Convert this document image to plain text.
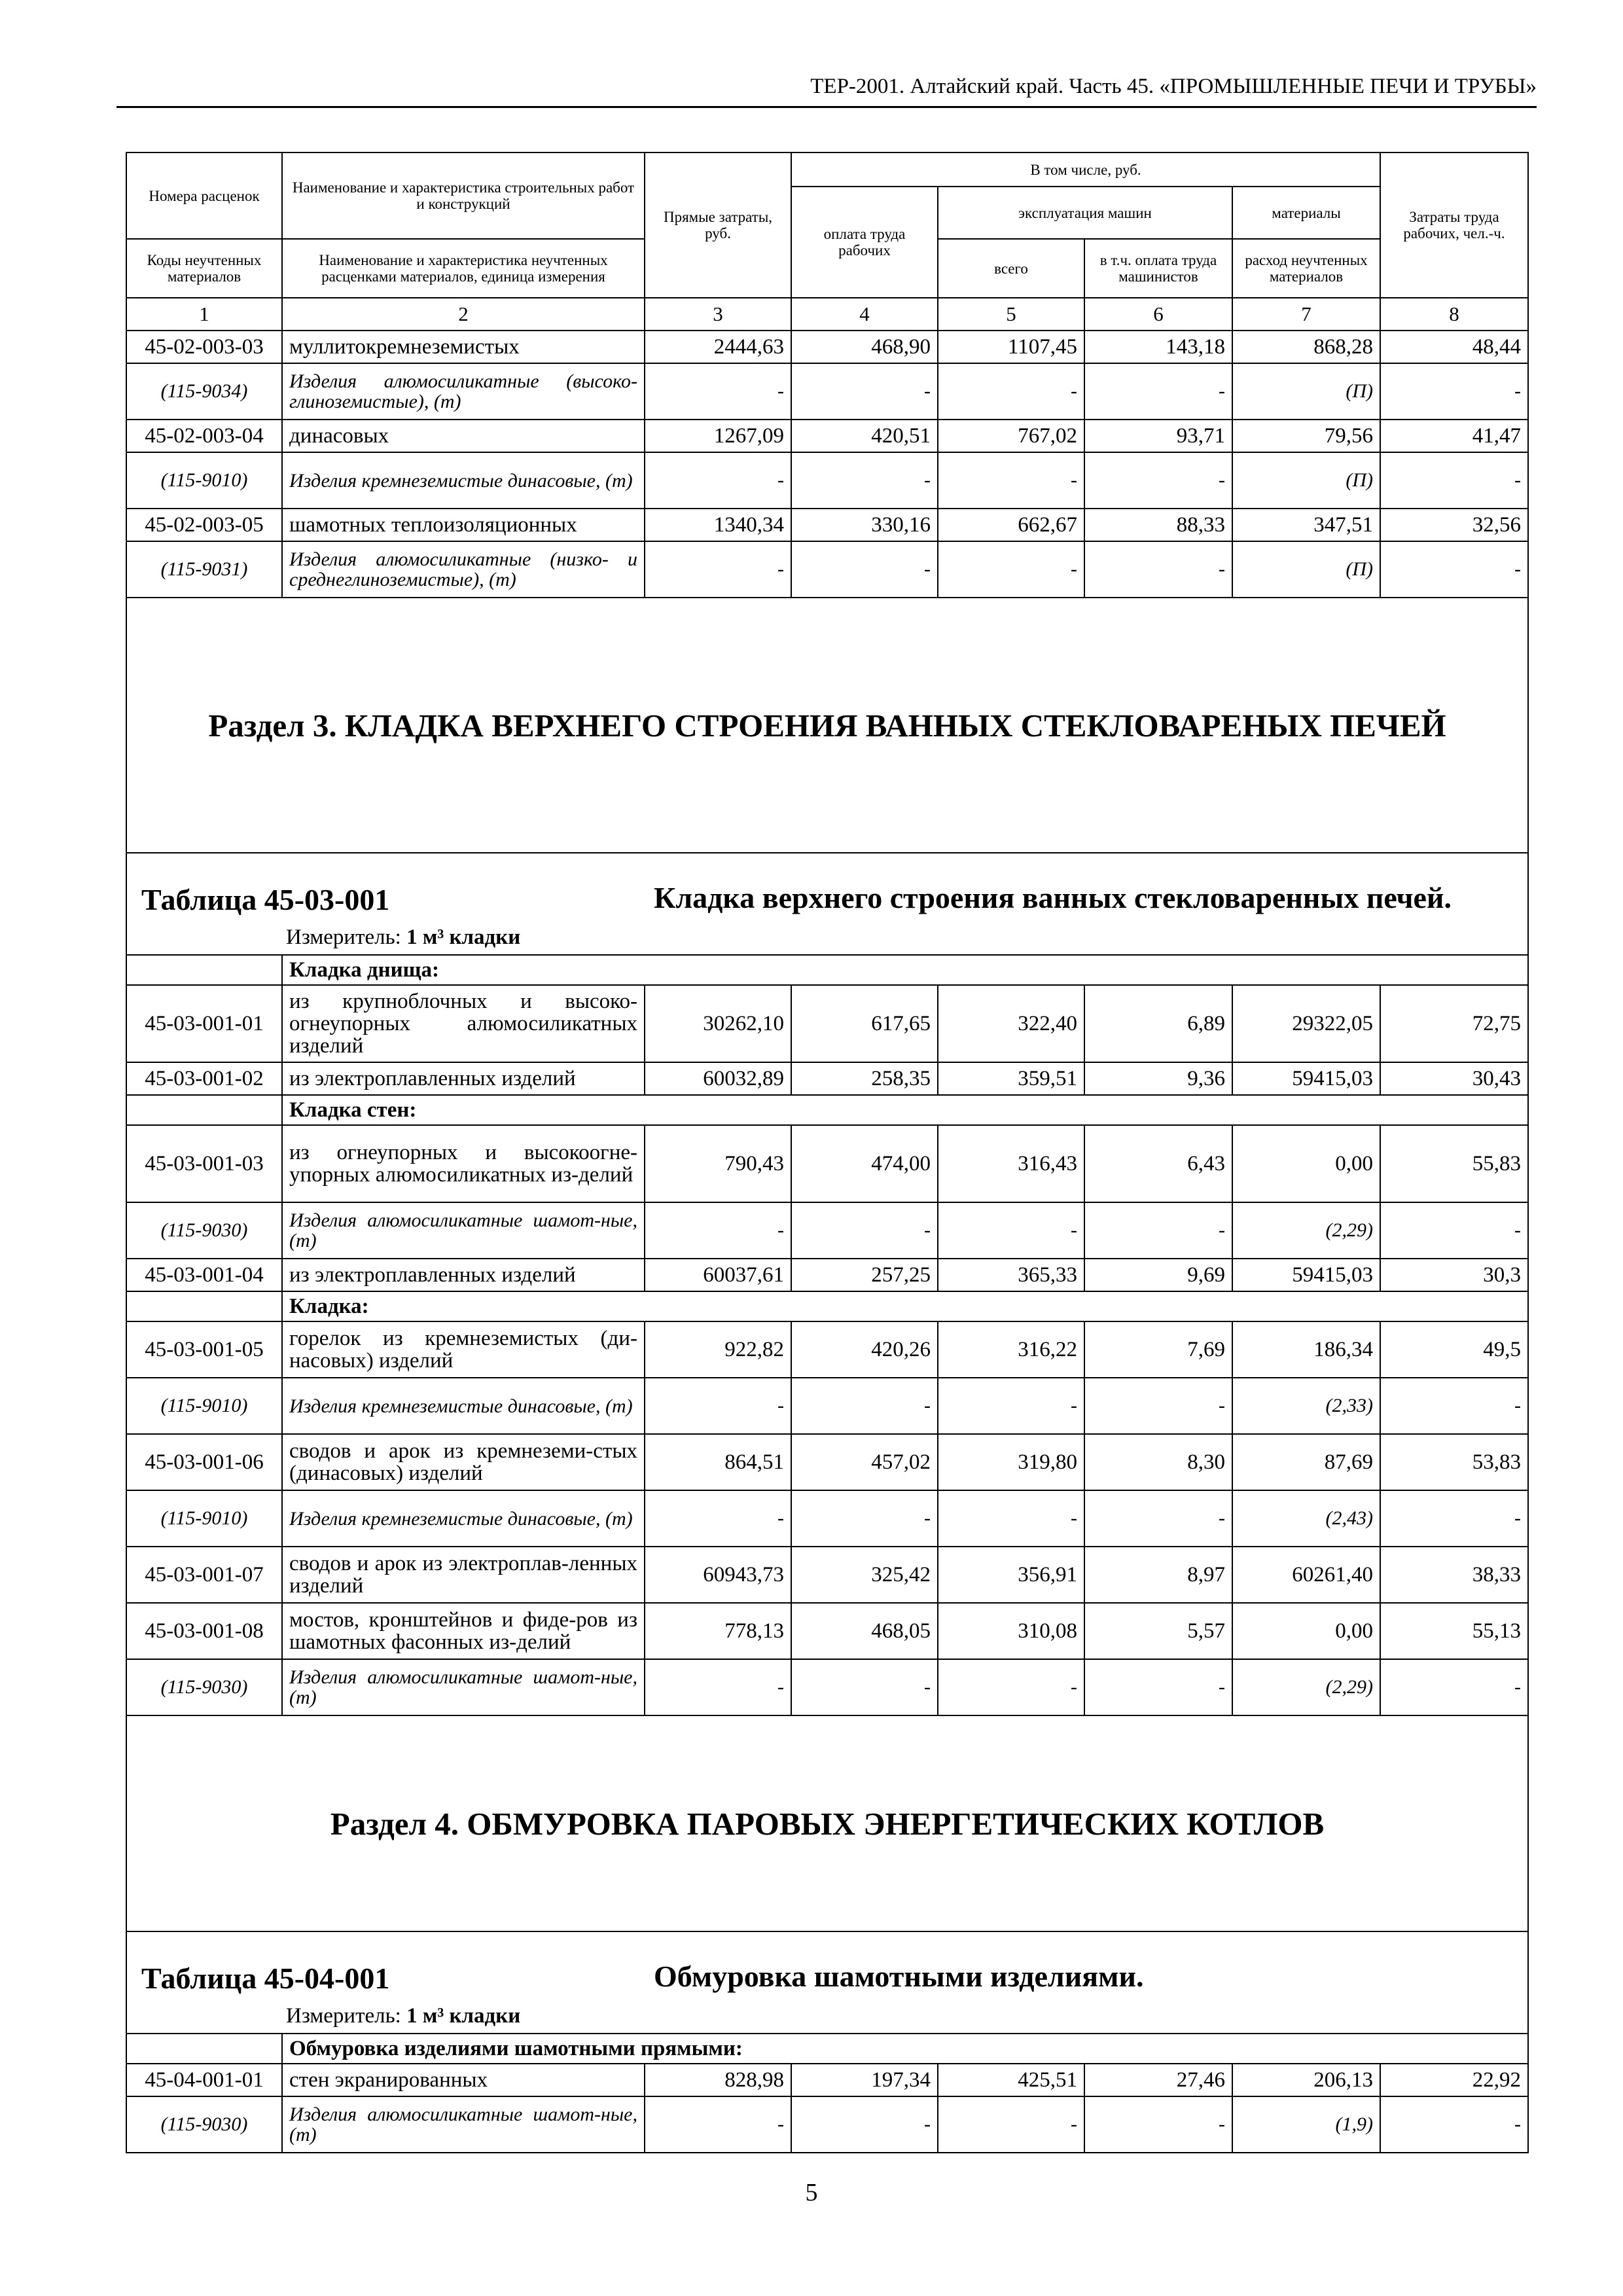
ТЕР-2001. Алтайский край. Часть 45. «ПРОМЫШЛЕННЫЕ ПЕЧИ И ТРУБЫ»
Номера расценок	Наименование и характеристика строительных работ и конструкций	Прямые затраты, руб.	В том числе, руб.				Затраты труда рабочих, чел.-ч.
			оплата труда рабочих	эксплуатация машин		материалы	
Коды неучтенных материалов	Наименование и характеристика неучтенных расценками материалов, единица измерения			всего	в т.ч. оплата труда машинистов	расход неучтенных материалов	
1	2	3	4	5	6	7	8
45-02-003-03	муллитокремнеземистых	2444,63	468,90	1107,45	143,18	868,28	48,44
(115-9034)	Изделия алюмосиликатные (высоко-глиноземистые), (т)	-	-	-	-	(П)	-
45-02-003-04	динасовых	1267,09	420,51	767,02	93,71	79,56	41,47
(115-9010)	Изделия кремнеземистые динасовые, (т)	-	-	-	-	(П)	-
45-02-003-05	шамотных теплоизоляционных	1340,34	330,16	662,67	88,33	347,51	32,56
(115-9031)	Изделия алюмосиликатные (низко- и среднеглиноземистые), (т)	-	-	-	-	(П)	-
Раздел 3. КЛАДКА ВЕРХНЕГО СТРОЕНИЯ ВАННЫХ СТЕКЛОВАРЕНЫХ ПЕЧЕЙ							

Таблица 45-03-001 Кладка верхнего строения ванных стекловаренных печей.
Измеритель: 1 м³ кладки							

	Кладка днища:						
45-03-001-01	из крупноблочных и высоко-огнеупорных алюмосиликатных изделий	30262,10	617,65	322,40	6,89	29322,05	72,75
45-03-001-02	из электроплавленных изделий	60032,89	258,35	359,51	9,36	59415,03	30,43
	Кладка стен:						
45-03-001-03	из огнеупорных и высокоогне-упорных алюмосиликатных из-делий	790,43	474,00	316,43	6,43	0,00	55,83
(115-9030)	Изделия алюмосиликатные шамот-ные, (т)	-	-	-	-	(2,29)	-
45-03-001-04	из электроплавленных изделий	60037,61	257,25	365,33	9,69	59415,03	30,3
	Кладка:						
45-03-001-05	горелок из кремнеземистых (ди-насовых) изделий	922,82	420,26	316,22	7,69	186,34	49,5
(115-9010)	Изделия кремнеземистые динасовые, (т)	-	-	-	-	(2,33)	-
45-03-001-06	сводов и арок из кремнеземи-стых (динасовых) изделий	864,51	457,02	319,80	8,30	87,69	53,83
(115-9010)	Изделия кремнеземистые динасовые, (т)	-	-	-	-	(2,43)	-
45-03-001-07	сводов и арок из электроплав-ленных изделий	60943,73	325,42	356,91	8,97	60261,40	38,33
45-03-001-08	мостов, кронштейнов и фиде-ров из шамотных фасонных из-делий	778,13	468,05	310,08	5,57	0,00	55,13
(115-9030)	Изделия алюмосиликатные шамот-ные, (т)	-	-	-	-	(2,29)	-
Раздел 4. ОБМУРОВКА ПАРОВЫХ ЭНЕРГЕТИЧЕСКИХ КОТЛОВ							

Таблица 45-04-001 Обмуровка шамотными изделиями.
Измеритель: 1 м³ кладки							

	Обмуровка изделиями шамотными прямыми:						
45-04-001-01	стен экранированных	828,98	197,34	425,51	27,46	206,13	22,92
(115-9030)	Изделия алюмосиликатные шамот-ные, (т)	-	-	-	-	(1,9)	-
5
